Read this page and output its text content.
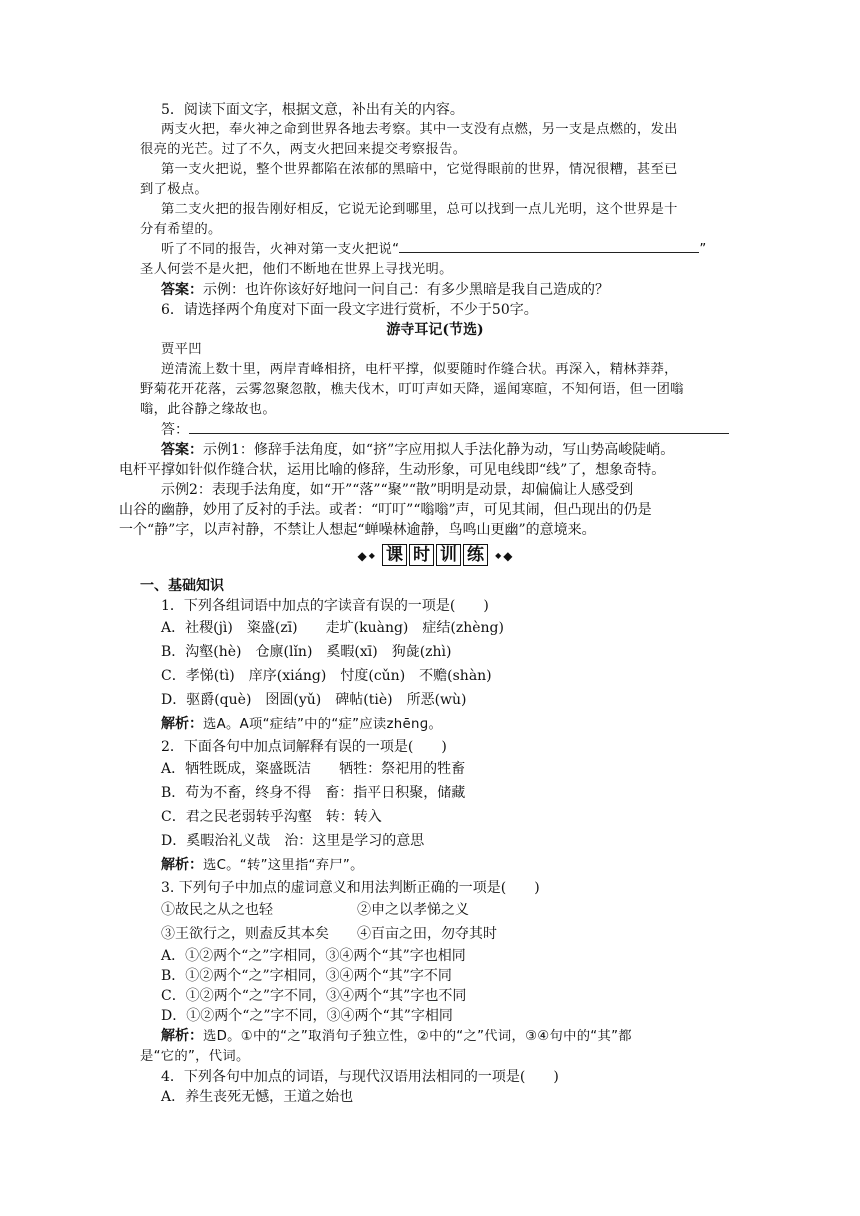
5．阅读下面文字，根据文意，补出有关的内容。
两支火把，奉火神之命到世界各地去考察。其中一支没有点燃，另一支是点燃的，发出
很亮的光芒。过了不久，两支火把回来提交考察报告。
第一支火把说，整个世界都陷在浓郁的黑暗中，它觉得眼前的世界，情况很糟，甚至已
到了极点。
第二支火把的报告刚好相反，它说无论到哪里，总可以找到一点儿光明，这个世界是十
分有希望的。
听了不同的报告，火神对第一支火把说“	”
圣人何尝不是火把，他们不断地在世界上寻找光明。
答案：示例：也许你该好好地问一问自己：有多少黑暗是我自己造成的？
6．请选择两个角度对下面一段文字进行赏析，不少于50字。
游寺耳记(节选)
贾平凹
逆清流上数十里，两岸青峰相挤，电杆平撑，似要随时作缝合状。再深入，精林莽莽，
野菊花开花落，云雾忽聚忽散，樵夫伐木，叮叮声如天降，遥闻寒暄，不知何语，但一团嗡
嗡，此谷静之缘故也。
答：
答案：示例1：修辞手法角度，如“挤”字应用拟人手法化静为动，写山势高峻陡峭。
电杆平撑如针似作缝合状，运用比喻的修辞，生动形象，可见电线即“线”了，想象奇特。
示例2：表现手法角度，如“开”“落”“聚”“散”明明是动景，却偏偏让人感受到
山谷的幽静，妙用了反衬的手法。或者：“叮叮”“嗡嗡”声，可见其闹，但凸现出的仍是
一个“静”字，以声衬静，不禁让人想起“蝉噪林逾静，鸟鸣山更幽”的意境来。
◆ ◆ 课 时 训 练 ◆ ◆
一、基础知识
1．下列各组词语中加点的字读音有误的一项是(　　)
A．社稷(jì)　粢盛(zī)　　走圹(kuàng)　症结(zhèng)
B．沟壑(hè)　仓廪(lǐn)　奚暇(xī)　狗彘(zhì)
C．孝悌(tì)　庠序(xiáng)　忖度(cǔn)　不赡(shàn)
D．驱爵(què)　囹圄(yǔ)　碑帖(tiè)　所恶(wù)
解析：选A。A项“症结”中的“症”应读zhēnɡ。
2．下面各句中加点词解释有误的一项是(　　)
A．牺牲既成，粢盛既洁　　牺牲：祭祀用的牲畜
B．苟为不畜，终身不得　畜：指平日积聚，储藏
C．君之民老弱转乎沟壑　转：转入
D．奚暇治礼义哉　治：这里是学习的意思
解析：选C。“转”这里指“弃尸”。
3. 下列句子中加点的虚词意义和用法判断正确的一项是(　　)
①故民之从之也轻	②申之以孝悌之义
③王欲行之，则盍反其本矣 ④百亩之田，勿夺其时
A．①②两个“之”字相同，③④两个“其”字也相同
B．①②两个“之”字相同，③④两个“其”字不同
C．①②两个“之”字不同，③④两个“其”字也不同
D．①②两个“之”字不同，③④两个“其”字相同
解析：选D。①中的“之”取消句子独立性，②中的“之”代词，③④句中的“其”都
是“它的”，代词。
4．下列各句中加点的词语，与现代汉语用法相同的一项是(　　)
A．养生丧死无憾，王道之始也
